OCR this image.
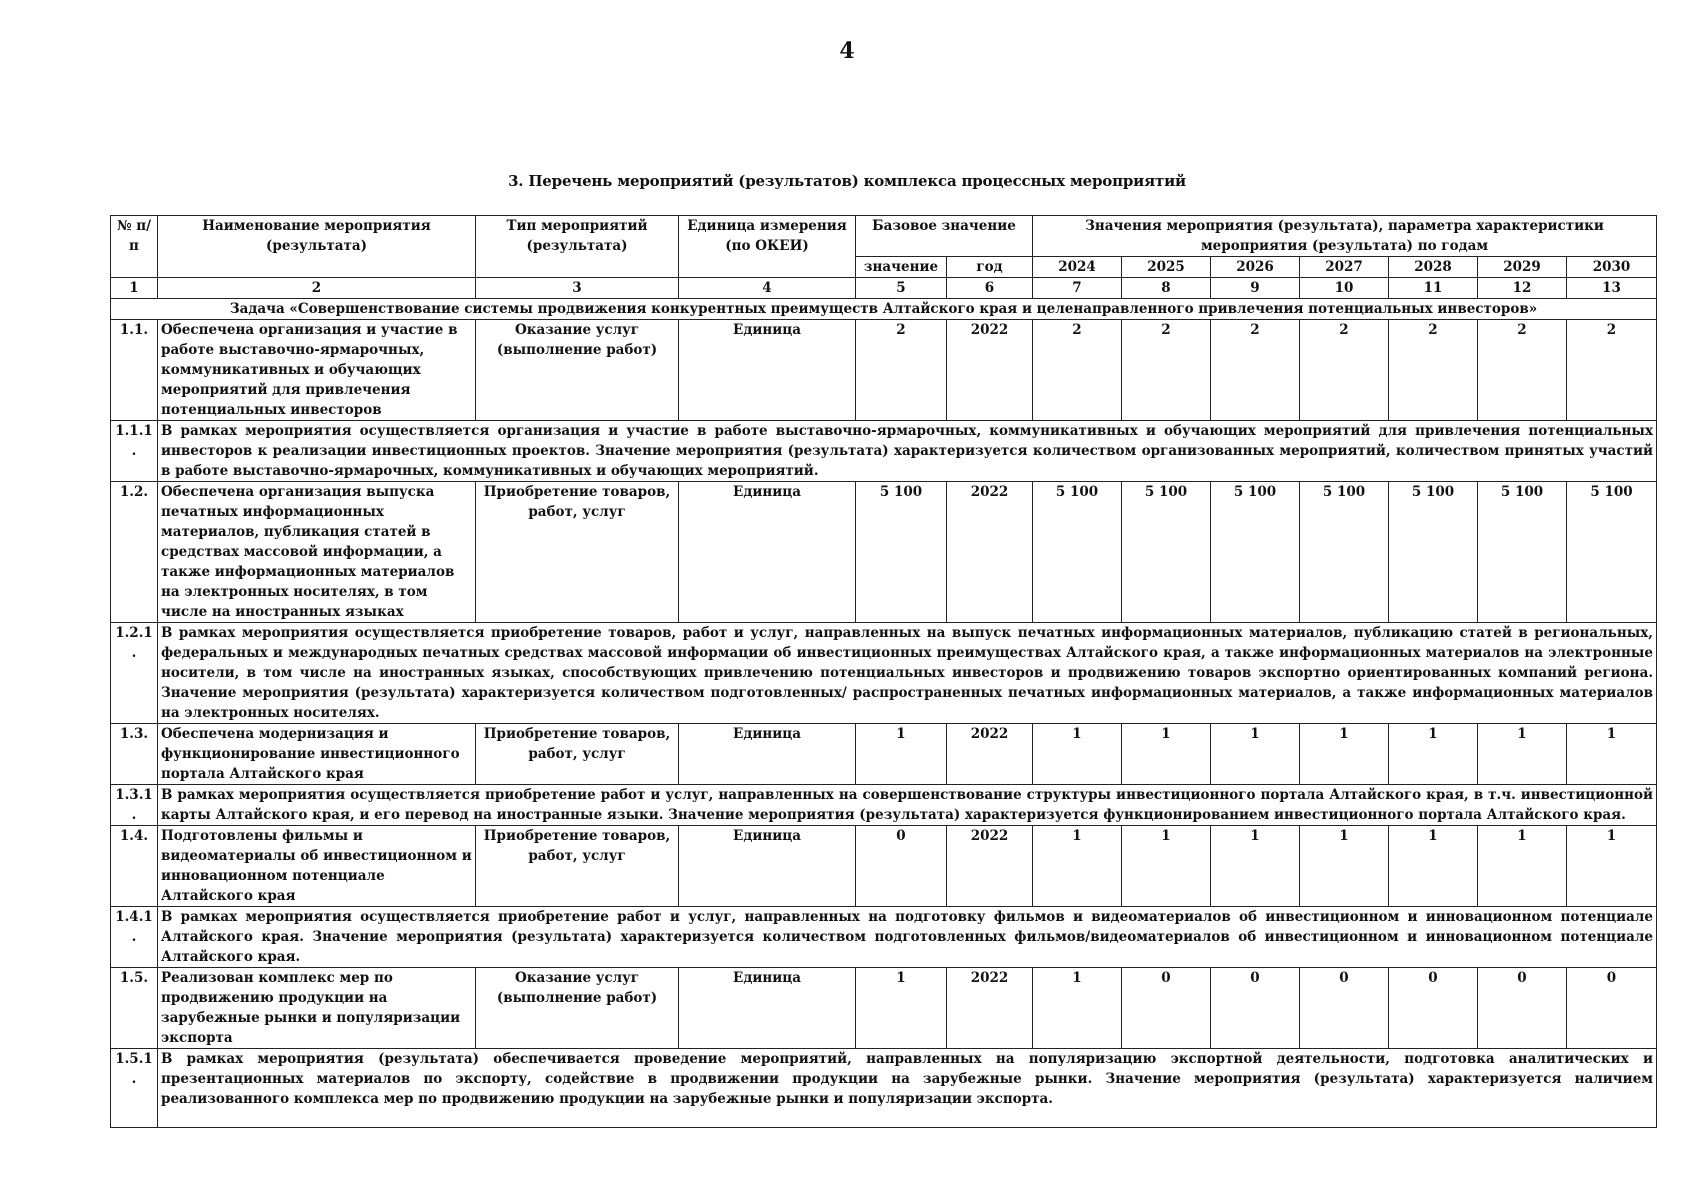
4
3. Перечень мероприятий (результатов) комплекса процессных мероприятий
№ п/п	Наименование мероприятия (результата)	Тип мероприятий (результата)	Единица измерения (по ОКЕИ)	Базовое значение		Значения мероприятия (результата), параметра характеристики мероприятия (результата) по годам						
				значение	год	2024	2025	2026	2027	2028	2029	2030
1	2	3	4	5	6	7	8	9	10	11	12	13
Задача «Совершенствование системы продвижения конкурентных преимуществ Алтайского края и целенаправленного привлечения потенциальных инвесторов»												
1.1.	Обеспечена организация и участие в работе выставочно-ярмарочных, коммуникативных и обучающих мероприятий для привлечения потенциальных инвесторов	Оказание услуг (выполнение работ)	Единица	2	2022	2	2	2	2	2	2	2
1.1.1.	В рамках мероприятия осуществляется организация и участие в работе выставочно-ярмарочных, коммуникативных и обучающих мероприятий для привлечения потенциальных инвесторов к реализации инвестиционных проектов. Значение мероприятия (результата) характеризуется количеством организованных мероприятий, количеством принятых участий в работе выставочно-ярмарочных, коммуникативных и обучающих мероприятий.											
1.2.	Обеспечена организация выпуска печатных информационных материалов, публикация статей в средствах массовой информации, а также информационных материалов на электронных носителях, в том числе на иностранных языках	Приобретение товаров, работ, услуг	Единица	5 100	2022	5 100	5 100	5 100	5 100	5 100	5 100	5 100
1.2.1.	В рамках мероприятия осуществляется приобретение товаров, работ и услуг, направленных на выпуск печатных информационных материалов, публикацию статей в региональных, федеральных и международных печатных средствах массовой информации об инвестиционных преимуществах Алтайского края, а также информационных материалов на электронные носители, в том числе на иностранных языках, способствующих привлечению потенциальных инвесторов и продвижению товаров экспортно ориентированных компаний региона. Значение мероприятия (результата) характеризуется количеством подготовленных/ распространенных печатных информационных материалов, а также информационных материалов на электронных носителях.											
1.3.	Обеспечена модернизация и функционирование инвестиционного портала Алтайского края	Приобретение товаров, работ, услуг	Единица	1	2022	1	1	1	1	1	1	1
1.3.1.	В рамках мероприятия осуществляется приобретение работ и услуг, направленных на совершенствование структуры инвестиционного портала Алтайского края, в т.ч. инвестиционной карты Алтайского края, и его перевод на иностранные языки. Значение мероприятия (результата) характеризуется функционированием инвестиционного портала Алтайского края.											
1.4.	Подготовлены фильмы и видеоматериалы об инвестиционном и инновационном потенциале Алтайского края	Приобретение товаров, работ, услуг	Единица	0	2022	1	1	1	1	1	1	1
1.4.1.	В рамках мероприятия осуществляется приобретение работ и услуг, направленных на подготовку фильмов и видеоматериалов об инвестиционном и инновационном потенциале Алтайского края. Значение мероприятия (результата) характеризуется количеством подготовленных фильмов/видеоматериалов об инвестиционном и инновационном потенциале Алтайского края.											
1.5.	Реализован комплекс мер по продвижению продукции на зарубежные рынки и популяризации экспорта	Оказание услуг (выполнение работ)	Единица	1	2022	1	0	0	0	0	0	0
1.5.1.	В рамках мероприятия (результата) обеспечивается проведение мероприятий, направленных на популяризацию экспортной деятельности, подготовка аналитических и презентационных материалов по экспорту, содействие в продвижении продукции на зарубежные рынки. Значение мероприятия (результата) характеризуется наличием реализованного комплекса мер по продвижению продукции на зарубежные рынки и популяризации экспорта.											
